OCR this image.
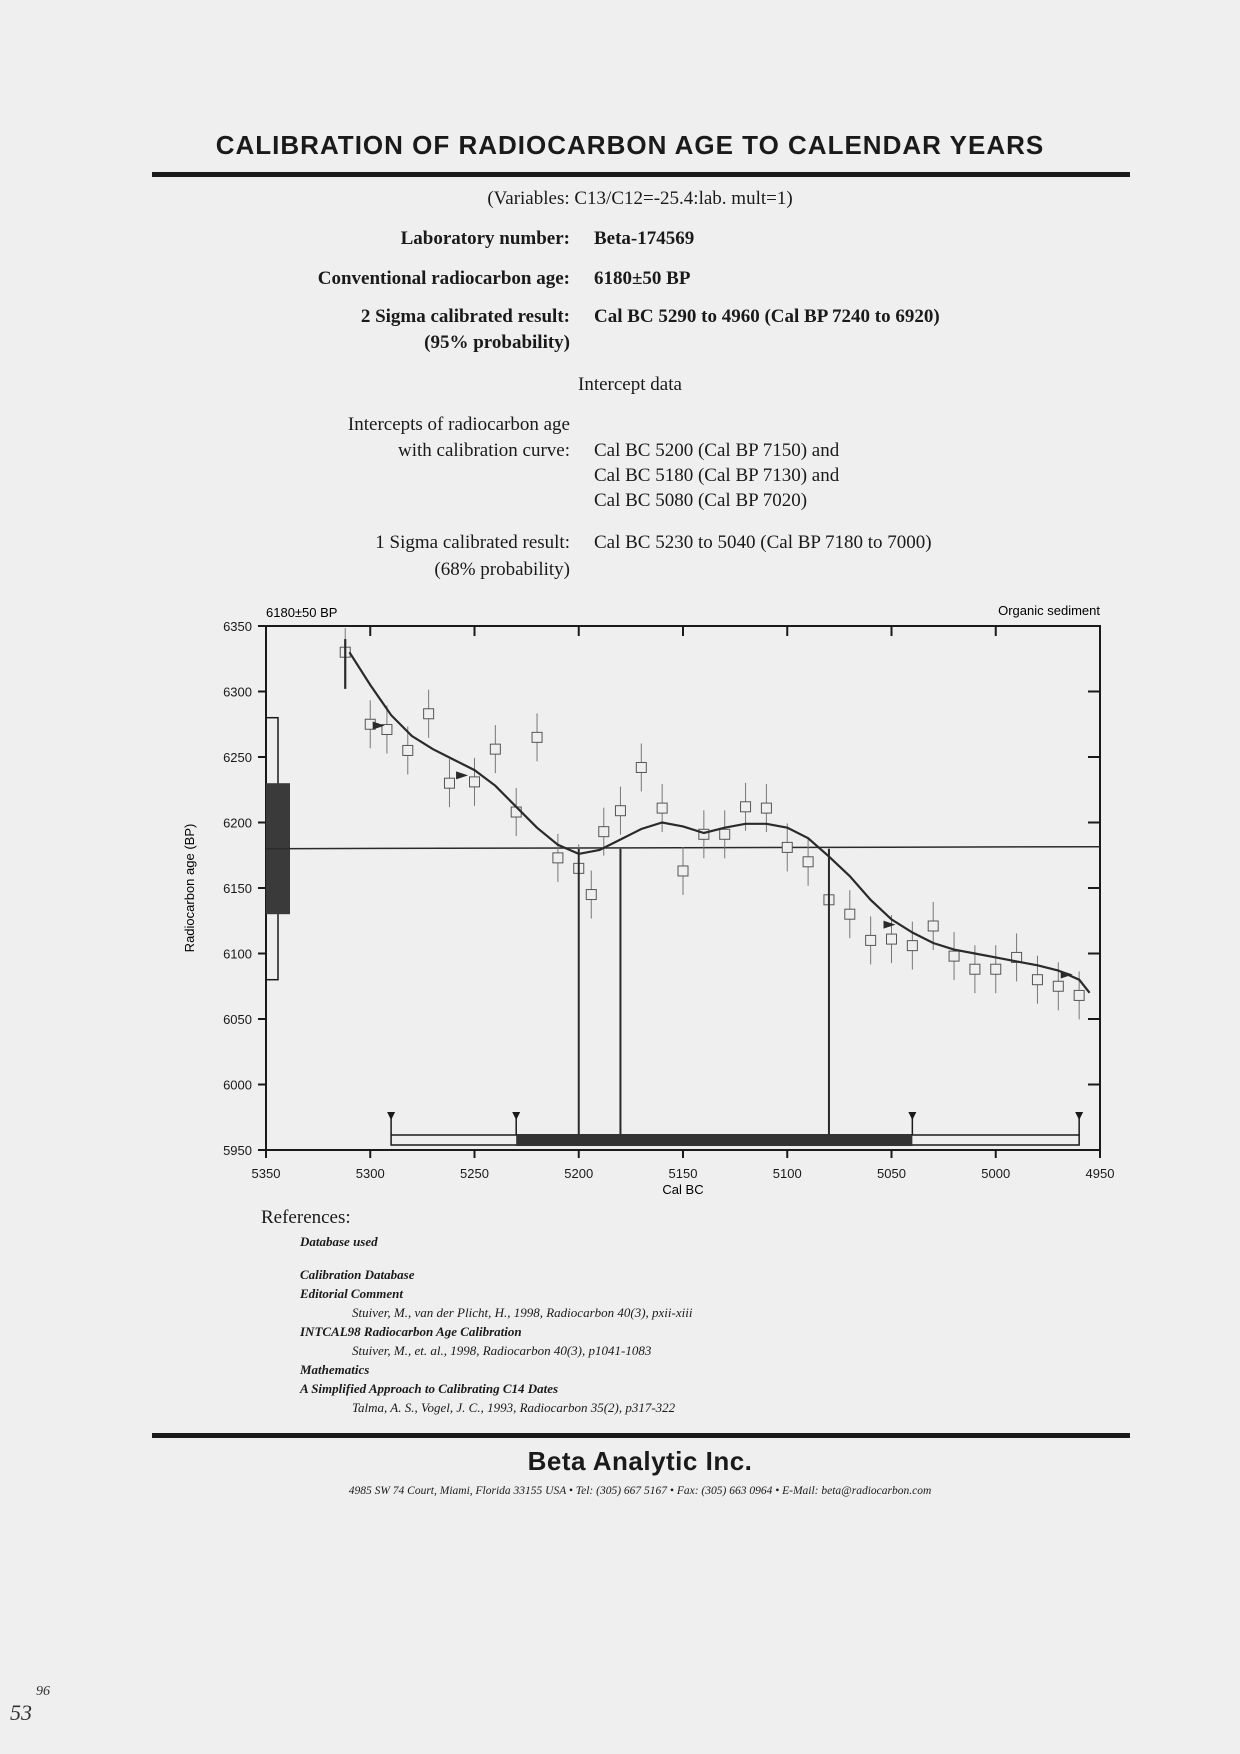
CALIBRATION OF RADIOCARBON AGE TO CALENDAR YEARS
(Variables: C13/C12=-25.4:lab. mult=1)
Laboratory number: Beta-174569
Conventional radiocarbon age: 6180±50 BP
2 Sigma calibrated result:
(95% probability)
Cal BC 5290 to 4960 (Cal BP 7240 to 6920)
Intercept data
Intercepts of radiocarbon age
with calibration curve: Cal BC 5200 (Cal BP 7150) and
Cal BC 5180 (Cal BP 7130) and
Cal BC 5080 (Cal BP 7020)
1 Sigma calibrated result:
(68% probability)
Cal BC 5230 to 5040 (Cal BP 7180 to 7000)
5350	5300	5250	5200	5150	5100	5050	5000	4950
6350
6300
6250
6200
6150
6100
6050
6000
5950
Cal BC
Radiocarbon age (BP)
6180±50 BP	Organic sediment
References:
Database used
Calibration Database
Editorial Comment
Stuiver, M., van der Plicht, H., 1998, Radiocarbon 40(3), pxii-xiii
INTCAL98 Radiocarbon Age Calibration
Stuiver, M., et. al., 1998, Radiocarbon 40(3), p1041-1083
Mathematics
A Simplified Approach to Calibrating C14 Dates
Talma, A. S., Vogel, J. C., 1993, Radiocarbon 35(2), p317-322
Beta Analytic Inc.
4985 SW 74 Court, Miami, Florida 33155 USA • Tel: (305) 667 5167 • Fax: (305) 663 0964 • E-Mail: beta@radiocarbon.com
53
96
